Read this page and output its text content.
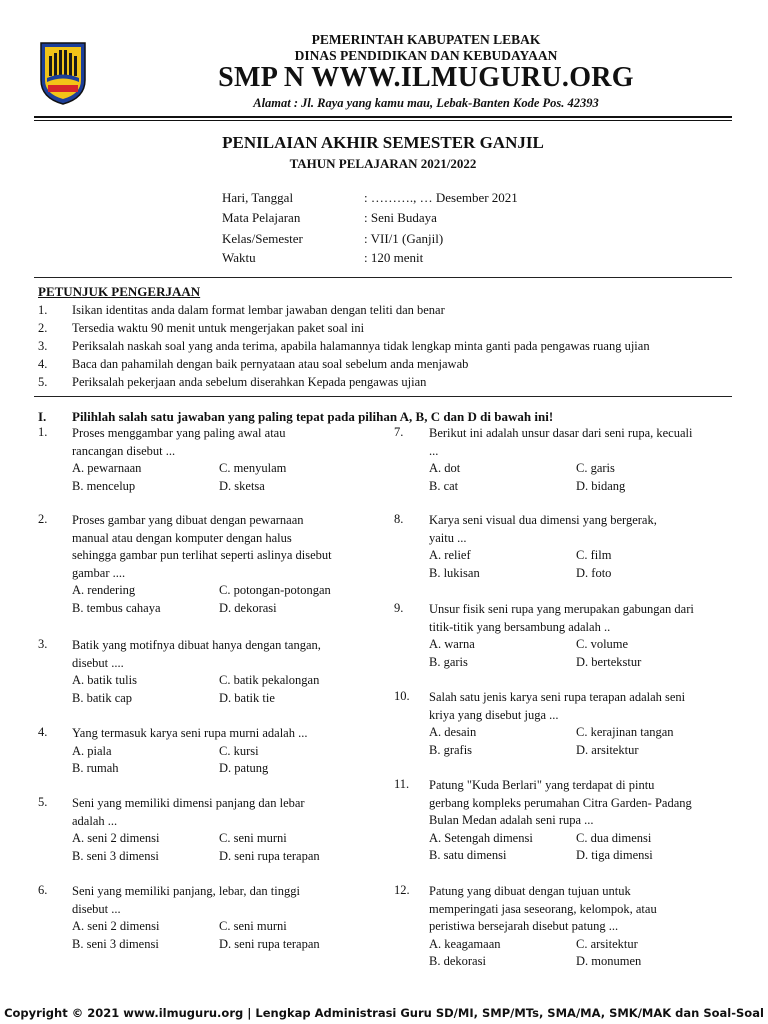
PEMERINTAH KABUPATEN LEBAK
DINAS PENDIDIKAN DAN KEBUDAYAAN
SMP N WWW.ILMUGURU.ORG
Alamat : Jl. Raya yang kamu mau, Lebak-Banten Kode Pos. 42393
PENILAIAN AKHIR SEMESTER GANJIL
TAHUN PELAJARAN 2021/2022
Hari, Tanggal	: ………., … Desember 2021
Mata Pelajaran	: Seni Budaya
Kelas/Semester	: VII/1 (Ganjil)
Waktu	: 120 menit
PETUNJUK PENGERJAAN
1. Isikan identitas anda dalam format lembar jawaban dengan teliti dan benar
2. Tersedia waktu 90 menit untuk mengerjakan paket soal ini
3. Periksalah naskah soal yang anda terima, apabila halamannya tidak lengkap minta ganti pada pengawas ruang ujian
4. Baca dan pahamilah dengan baik pernyataan atau soal sebelum anda menjawab
5. Periksalah pekerjaan anda sebelum diserahkan Kepada pengawas ujian
I. Pilihlah salah satu jawaban yang paling tepat pada pilihan A, B, C dan D di bawah ini!
1. Proses menggambar yang paling awal atau
rancangan disebut ...
A. pewarnaan	C. menyulam
B. mencelup	D. sketsa
2. Proses gambar yang dibuat dengan pewarnaan
manual atau dengan komputer dengan halus
sehingga gambar pun terlihat seperti aslinya disebut
gambar ....
A. rendering	C. potongan-potongan
B. tembus cahaya	D. dekorasi
3. Batik yang motifnya dibuat hanya dengan tangan,
disebut ....
A. batik tulis	C. batik pekalongan
B. batik cap	D. batik tie
4. Yang termasuk karya seni rupa murni adalah ...
A. piala	C. kursi
B. rumah	D. patung
5. Seni yang memiliki dimensi panjang dan lebar
adalah ...
A. seni 2 dimensi	C. seni murni
B. seni 3 dimensi	D. seni rupa terapan
6. Seni yang memiliki panjang, lebar, dan tinggi
disebut ...
A. seni 2 dimensi	C. seni murni
B. seni 3 dimensi	D. seni rupa terapan
7. Berikut ini adalah unsur dasar dari seni rupa, kecuali
...
A. dot	C. garis
B. cat	D. bidang
8. Karya seni visual dua dimensi yang bergerak,
yaitu ...
A. relief	C. film
B. lukisan	D. foto
9. Unsur fisik seni rupa yang merupakan gabungan dari
titik-titik yang bersambung adalah ..
A. warna	C. volume
B. garis	D. bertekstur
10. Salah satu jenis karya seni rupa terapan adalah seni
kriya yang disebut juga ...
A. desain	C. kerajinan tangan
B. grafis	D. arsitektur
11. Patung "Kuda Berlari" yang terdapat di pintu
gerbang kompleks perumahan Citra Garden- Padang
Bulan Medan adalah seni rupa ...
A. Setengah dimensi	C. dua dimensi
B. satu dimensi	D. tiga dimensi
12. Patung yang dibuat dengan tujuan untuk
memperingati jasa seseorang, kelompok, atau
peristiwa bersejarah disebut patung ...
A. keagamaan	C. arsitektur
B. dekorasi	D. monumen
Copyright © 2021 www.ilmuguru.org | Lengkap Administrasi Guru SD/MI, SMP/MTs, SMA/MA, SMK/MAK dan Soal-Soal
